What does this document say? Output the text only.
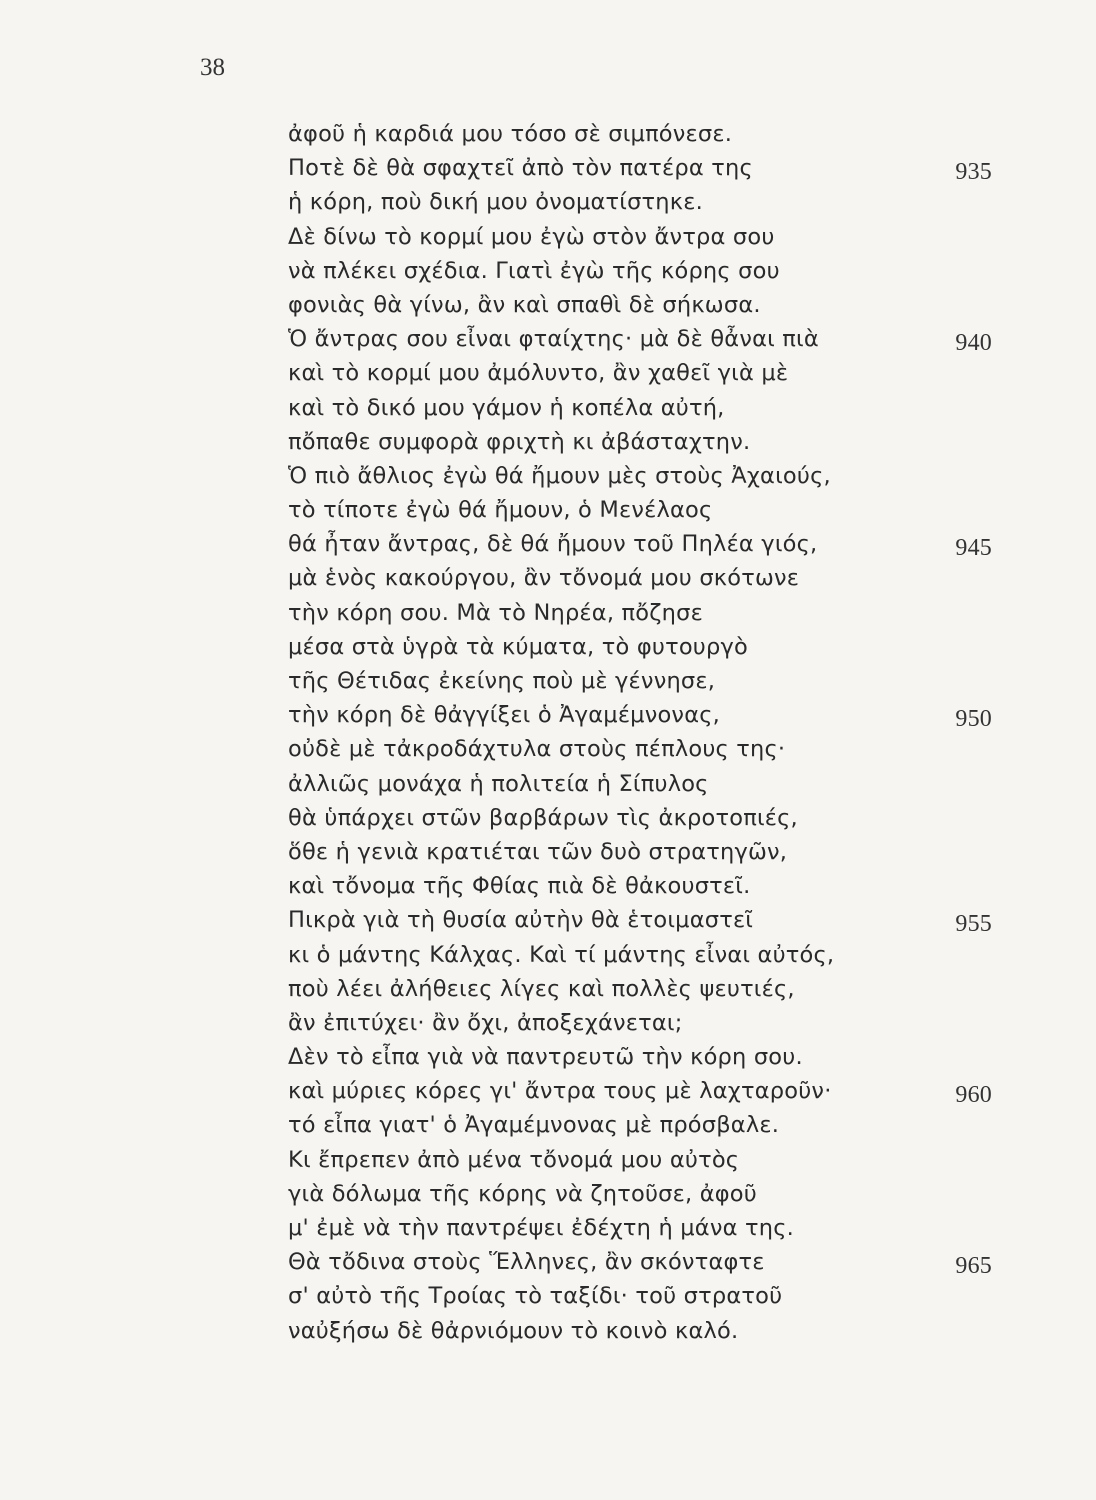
38
ἀφοῦ ἡ καρδιά μου τόσο σὲ σιμπόνεσε.
Ποτὲ δὲ θὰ σφαχτεῖ ἀπὸ τὸν πατέρα της	935
ἡ κόρη, ποὺ δική μου ὀνοματίστηκε.
Δὲ δίνω τὸ κορμί μου ἐγὼ στὸν ἄντρα σου
νὰ πλέκει σχέδια. Γιατὶ ἐγὼ τῆς κόρης σου
φονιὰς θὰ γίνω, ἂν καὶ σπαθὶ δὲ σήκωσα.
Ὁ ἄντρας σου εἶναι φταίχτης· μὰ δὲ θἆναι πιὰ	940
καὶ τὸ κορμί μου ἀμόλυντο, ἂν χαθεῖ γιὰ μὲ
καὶ τὸ δικό μου γάμον ἡ κοπέλα αὐτή,
πὄπαθε συμφορὰ φριχτὴ κι ἀβάσταχτην.
Ὁ πιὸ ἄθλιος ἐγὼ θά ἤμουν μὲς στοὺς Ἀχαιούς,
τὸ τίποτε ἐγὼ θά ἤμουν, ὁ Μενέλαος
θά ἦταν ἄντρας, δὲ θά ἤμουν τοῦ Πηλέα γιός,	945
μὰ ἑνὸς κακούργου, ἂν τὄνομά μου σκότωνε
τὴν κόρη σου. Μὰ τὸ Νηρέα, πὄζησε
μέσα στὰ ὑγρὰ τὰ κύματα, τὸ φυτουργὸ
τῆς Θέτιδας ἐκείνης ποὺ μὲ γέννησε,
τὴν κόρη δὲ θἀγγίξει ὁ Ἀγαμέμνονας,	950
οὐδὲ μὲ τἀκροδάχτυλα στοὺς πέπλους της·
ἀλλιῶς μονάχα ἡ πολιτεία ἡ Σίπυλος
θὰ ὑπάρχει στῶν βαρβάρων τὶς ἀκροτοπιές,
ὅθε ἡ γενιὰ κρατιέται τῶν δυὸ στρατηγῶν,
καὶ τὄνομα τῆς Φθίας πιὰ δὲ θἀκουστεῖ.
Πικρὰ γιὰ τὴ θυσία αὐτὴν θὰ ἑτοιμαστεῖ	955
κι ὁ μάντης Κάλχας. Καὶ τί μάντης εἶναι αὐτός,
ποὺ λέει ἀλήθειες λίγες καὶ πολλὲς ψευτιές,
ἂν ἐπιτύχει· ἂν ὄχι, ἀποξεχάνεται;
Δὲν τὸ εἶπα γιὰ νὰ παντρευτῶ τὴν κόρη σου.
καὶ μύριες κόρες γι' ἄντρα τους μὲ λαχταροῦν·	960
τό εἶπα γιατ' ὁ Ἀγαμέμνονας μὲ πρόσβαλε.
Κι ἔπρεπεν ἀπὸ μένα τὄνομά μου αὐτὸς
γιὰ δόλωμα τῆς κόρης νὰ ζητοῦσε, ἀφοῦ
μ' ἐμὲ νὰ τὴν παντρέψει ἐδέχτη ἡ μάνα της.
Θὰ τὄδινα στοὺς Ἕλληνες, ἂν σκόνταφτε	965
σ' αὐτὸ τῆς Τροίας τὸ ταξίδι· τοῦ στρατοῦ
ναὐξήσω δὲ θἀρνιόμουν τὸ κοινὸ καλό.
